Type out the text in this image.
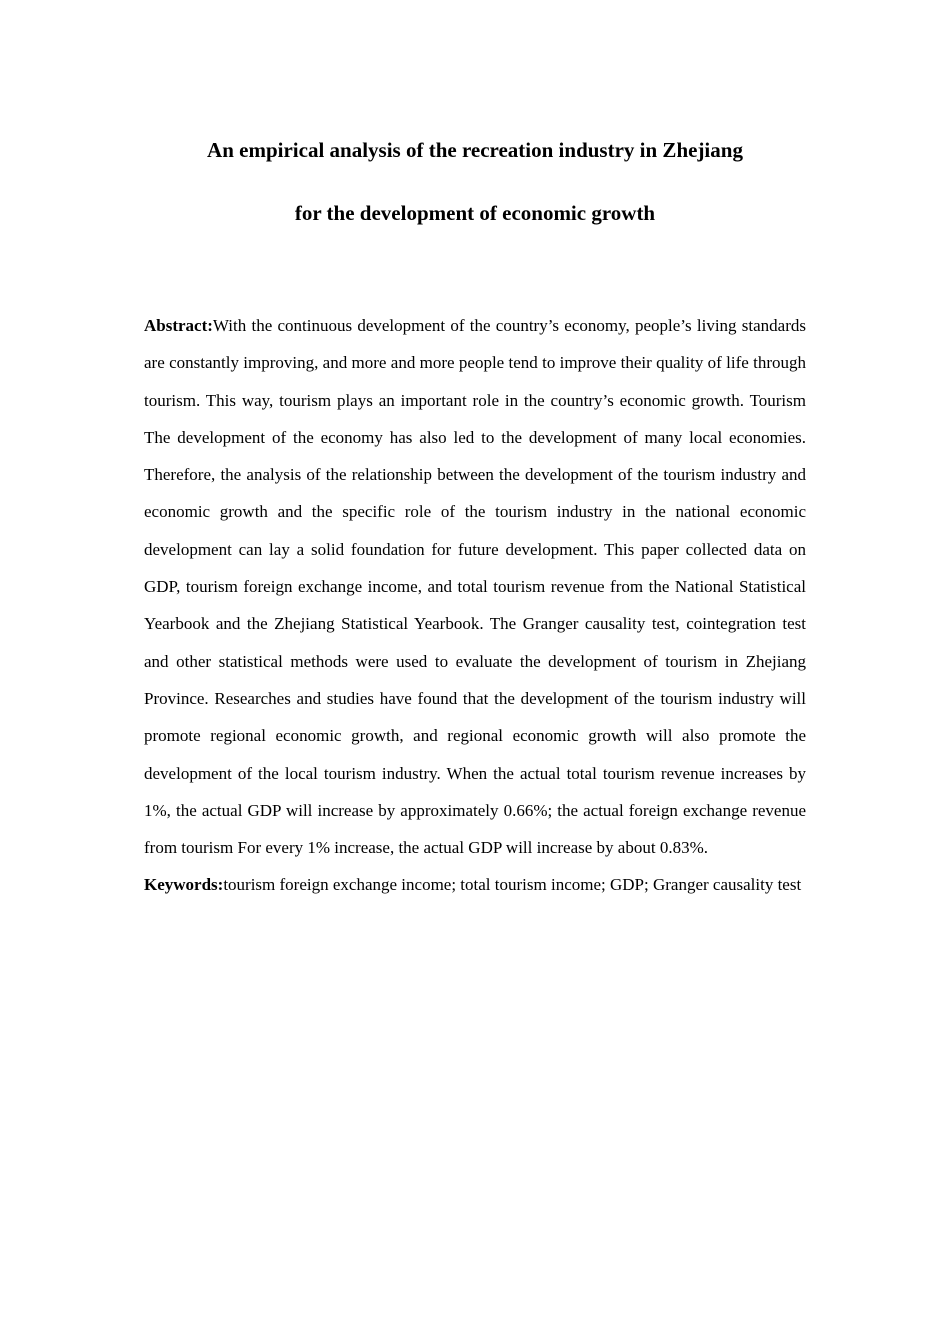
An empirical analysis of the recreation industry in Zhejiang

for the development of economic growth

Abstract:With the continuous development of the country’s economy, people’s living standards are constantly improving, and more and more people tend to improve their quality of life through tourism. This way, tourism plays an important role in the country’s economic growth. Tourism The development of the economy has also led to the development of many local economies. Therefore, the analysis of the relationship between the development of the tourism industry and economic growth and the specific role of the tourism industry in the national economic development can lay a solid foundation for future development. This paper collected data on GDP, tourism foreign exchange income, and total tourism revenue from the National Statistical Yearbook and the Zhejiang Statistical Yearbook. The Granger causality test, cointegration test and other statistical methods were used to evaluate the development of tourism in Zhejiang Province. Researches and studies have found that the development of the tourism industry will promote regional economic growth, and regional economic growth will also promote the development of the local tourism industry. When the actual total tourism revenue increases by 1%, the actual GDP will increase by approximately 0.66%; the actual foreign exchange revenue from tourism For every 1% increase, the actual GDP will increase by about 0.83%.

Keywords:tourism foreign exchange income; total tourism income; GDP; Granger causality test
